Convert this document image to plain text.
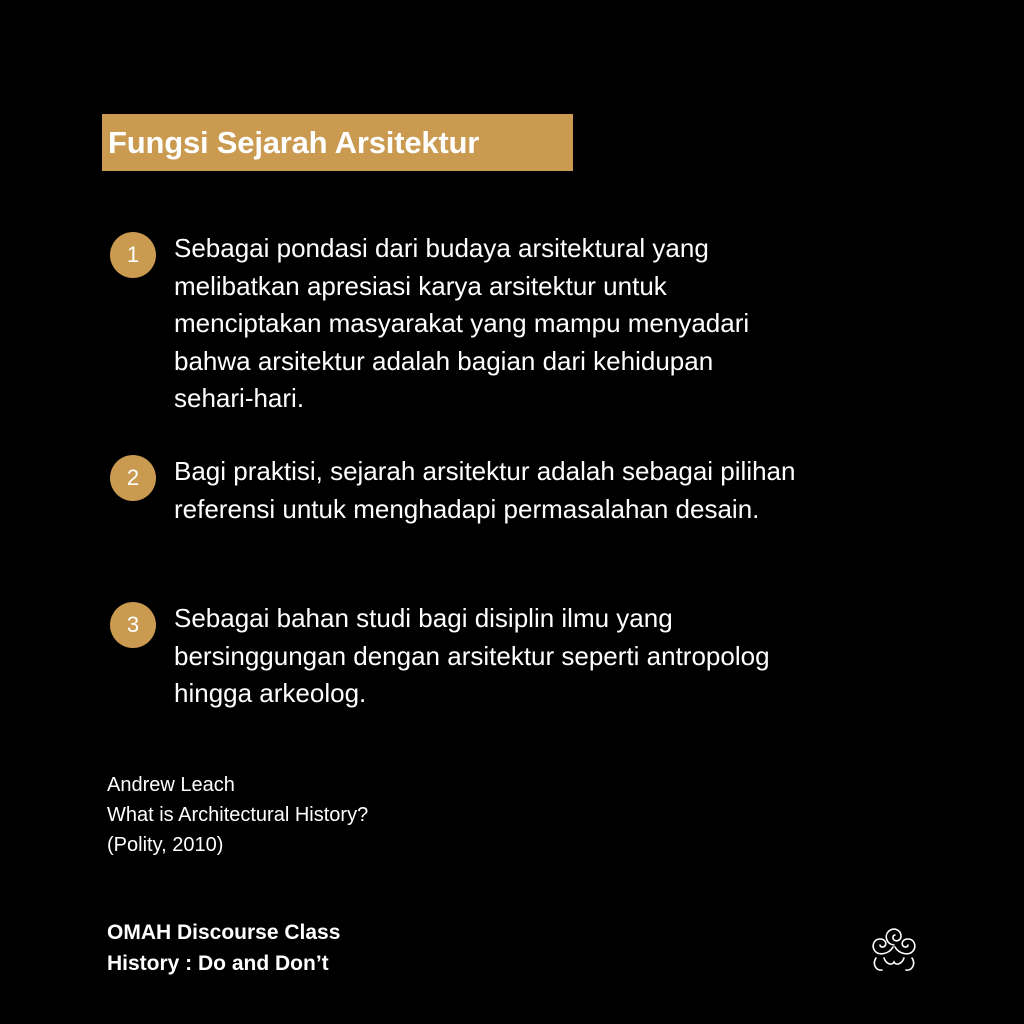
Fungsi Sejarah Arsitektur
1	Sebagai pondasi dari budaya arsitektural yang
melibatkan apresiasi karya arsitektur untuk
menciptakan masyarakat yang mampu menyadari
bahwa arsitektur adalah bagian dari kehidupan
sehari-hari.
2	Bagi praktisi, sejarah arsitektur adalah sebagai pilihan
referensi untuk menghadapi permasalahan desain.
3	Sebagai bahan studi bagi disiplin ilmu yang
bersinggungan dengan arsitektur seperti antropolog
hingga arkeolog.
Andrew Leach
What is Architectural History?
(Polity, 2010)
OMAH Discourse Class
History : Do and Don’t
